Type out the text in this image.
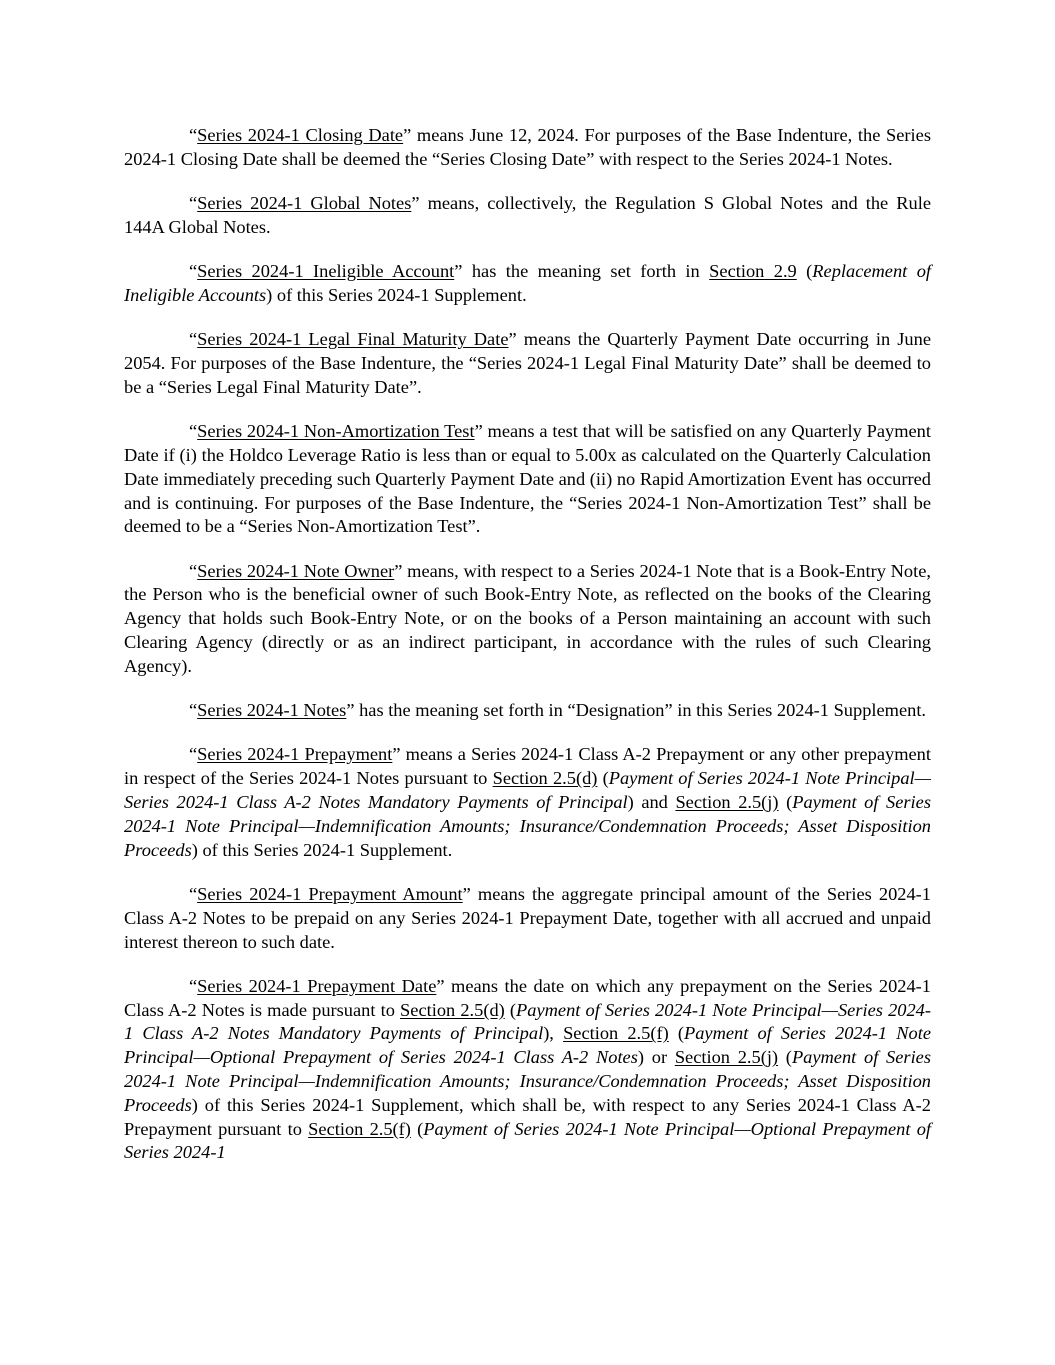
“Series 2024-1 Closing Date” means June 12, 2024. For purposes of the Base Indenture, the Series 2024-1 Closing Date shall be deemed the “Series Closing Date” with respect to the Series 2024-1 Notes.

“Series 2024-1 Global Notes” means, collectively, the Regulation S Global Notes and the Rule 144A Global Notes.

“Series 2024-1 Ineligible Account” has the meaning set forth in Section 2.9 (Replacement of Ineligible Accounts) of this Series 2024-1 Supplement.

“Series 2024-1 Legal Final Maturity Date” means the Quarterly Payment Date occurring in June 2054. For purposes of the Base Indenture, the “Series 2024-1 Legal Final Maturity Date” shall be deemed to be a “Series Legal Final Maturity Date”.

“Series 2024-1 Non-Amortization Test” means a test that will be satisfied on any Quarterly Payment Date if (i) the Holdco Leverage Ratio is less than or equal to 5.00x as calculated on the Quarterly Calculation Date immediately preceding such Quarterly Payment Date and (ii) no Rapid Amortization Event has occurred and is continuing. For purposes of the Base Indenture, the “Series 2024-1 Non-Amortization Test” shall be deemed to be a “Series Non-Amortization Test”.

“Series 2024-1 Note Owner” means, with respect to a Series 2024-1 Note that is a Book-Entry Note, the Person who is the beneficial owner of such Book-Entry Note, as reflected on the books of the Clearing Agency that holds such Book-Entry Note, or on the books of a Person maintaining an account with such Clearing Agency (directly or as an indirect participant, in accordance with the rules of such Clearing Agency).

“Series 2024-1 Notes” has the meaning set forth in “Designation” in this Series 2024-1 Supplement.

“Series 2024-1 Prepayment” means a Series 2024-1 Class A-2 Prepayment or any other prepayment in respect of the Series 2024-1 Notes pursuant to Section 2.5(d) (Payment of Series 2024-1 Note Principal—Series 2024-1 Class A-2 Notes Mandatory Payments of Principal) and Section 2.5(j) (Payment of Series 2024-1 Note Principal—Indemnification Amounts; Insurance/Condemnation Proceeds; Asset Disposition Proceeds) of this Series 2024-1 Supplement.

“Series 2024-1 Prepayment Amount” means the aggregate principal amount of the Series 2024-1 Class A-2 Notes to be prepaid on any Series 2024-1 Prepayment Date, together with all accrued and unpaid interest thereon to such date.

“Series 2024-1 Prepayment Date” means the date on which any prepayment on the Series 2024-1 Class A-2 Notes is made pursuant to Section 2.5(d) (Payment of Series 2024-1 Note Principal—Series 2024-1 Class A-2 Notes Mandatory Payments of Principal), Section 2.5(f) (Payment of Series 2024-1 Note Principal—Optional Prepayment of Series 2024-1 Class A-2 Notes) or Section 2.5(j) (Payment of Series 2024-1 Note Principal—Indemnification Amounts; Insurance/Condemnation Proceeds; Asset Disposition Proceeds) of this Series 2024-1 Supplement, which shall be, with respect to any Series 2024-1 Class A-2 Prepayment pursuant to Section 2.5(f) (Payment of Series 2024-1 Note Principal—Optional Prepayment of Series 2024-1
